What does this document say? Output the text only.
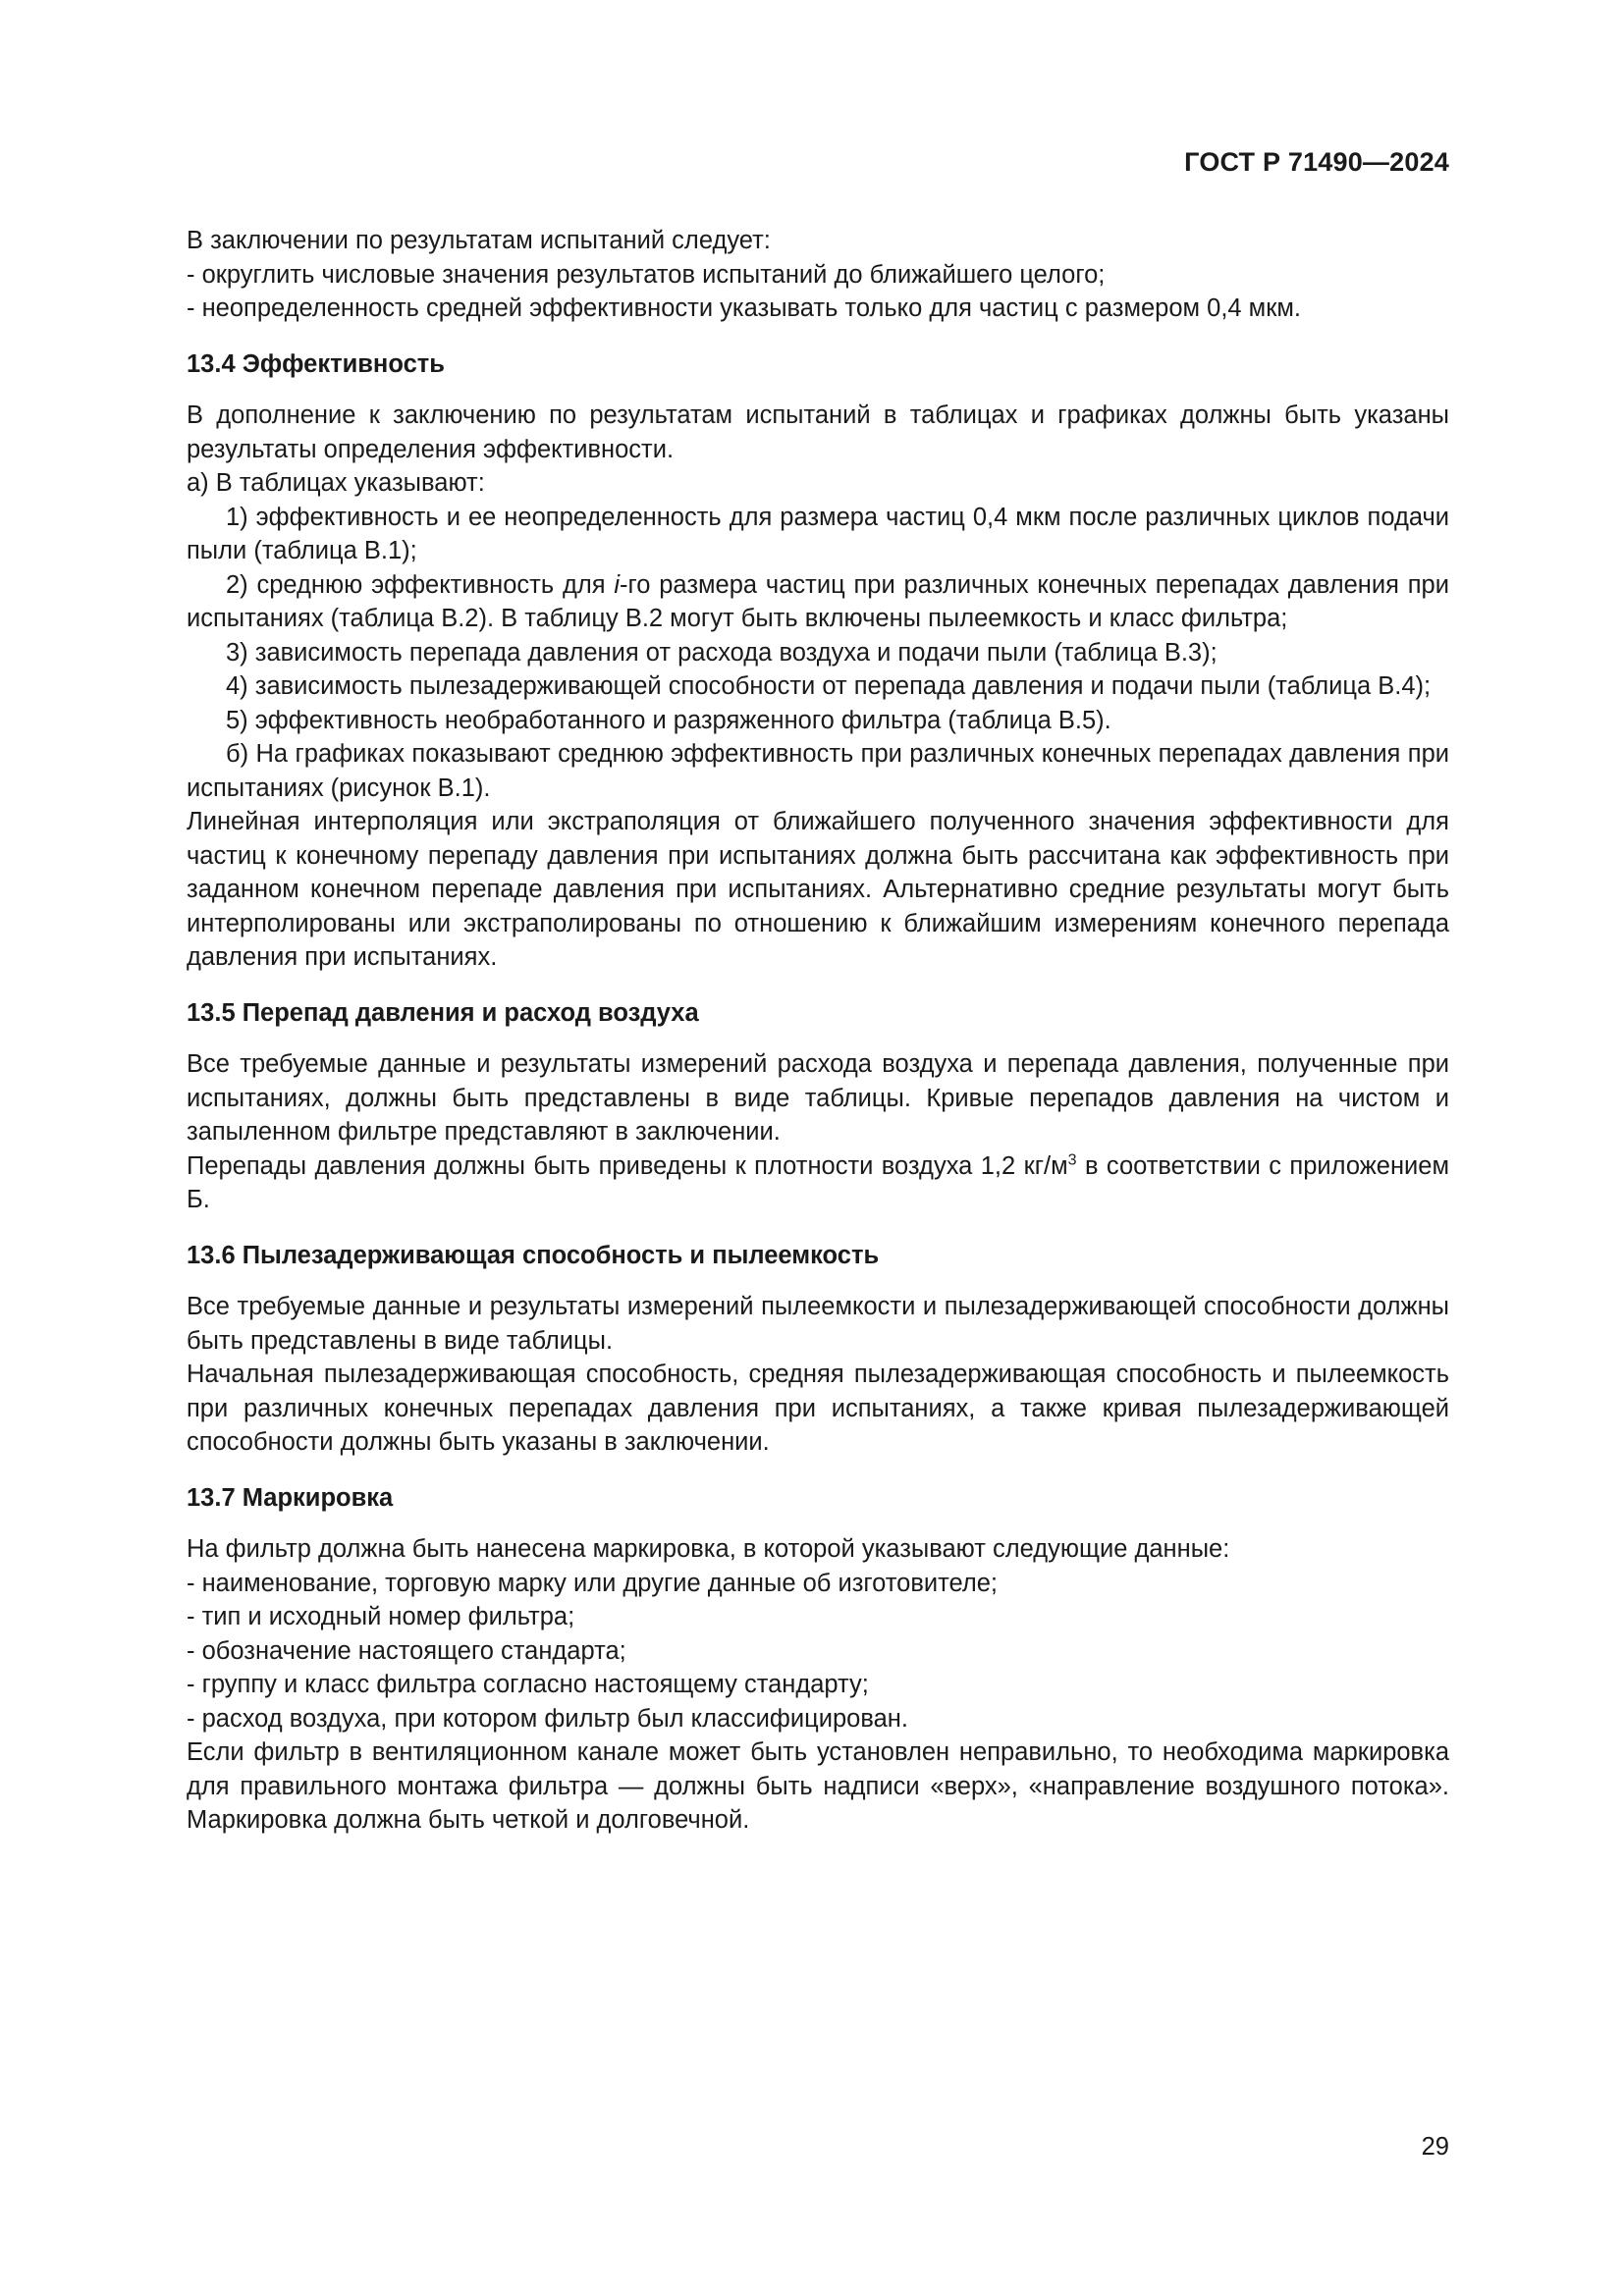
ГОСТ Р 71490—2024

В заключении по результатам испытаний следует:

- округлить числовые значения результатов испытаний до ближайшего целого;

- неопределенность средней эффективности указывать только для частиц с размером 0,4 мкм.

13.4 Эффективность

В дополнение к заключению по результатам испытаний в таблицах и графиках должны быть указаны результаты определения эффективности.

а) В таблицах указывают:

1) эффективность и ее неопределенность для размера частиц 0,4 мкм после различных циклов подачи пыли (таблица В.1);

2) среднюю эффективность для i-го размера частиц при различных конечных перепадах давления при испытаниях (таблица В.2). В таблицу В.2 могут быть включены пылеемкость и класс фильтра;

3) зависимость перепада давления от расхода воздуха и подачи пыли (таблица В.3);

4) зависимость пылезадерживающей способности от перепада давления и подачи пыли (таблица В.4);

5) эффективность необработанного и разряженного фильтра (таблица В.5).

б) На графиках показывают среднюю эффективность при различных конечных перепадах давления при испытаниях (рисунок В.1).

Линейная интерполяция или экстраполяция от ближайшего полученного значения эффективности для частиц к конечному перепаду давления при испытаниях должна быть рассчитана как эффективность при заданном конечном перепаде давления при испытаниях. Альтернативно средние результаты могут быть интерполированы или экстраполированы по отношению к ближайшим измерениям конечного перепада давления при испытаниях.

13.5 Перепад давления и расход воздуха

Все требуемые данные и результаты измерений расхода воздуха и перепада давления, полученные при испытаниях, должны быть представлены в виде таблицы. Кривые перепадов давления на чистом и запыленном фильтре представляют в заключении.

Перепады давления должны быть приведены к плотности воздуха 1,2 $кг/м^3$ в соответствии с приложением Б.

13.6 Пылезадерживающая способность и пылеемкость

Все требуемые данные и результаты измерений пылеемкости и пылезадерживающей способности должны быть представлены в виде таблицы.

Начальная пылезадерживающая способность, средняя пылезадерживающая способность и пылеемкость при различных конечных перепадах давления при испытаниях, а также кривая пылезадерживающей способности должны быть указаны в заключении.

13.7 Маркировка

На фильтр должна быть нанесена маркировка, в которой указывают следующие данные:

- наименование, торговую марку или другие данные об изготовителе;

- тип и исходный номер фильтра;

- обозначение настоящего стандарта;

- группу и класс фильтра согласно настоящему стандарту;

- расход воздуха, при котором фильтр был классифицирован.

Если фильтр в вентиляционном канале может быть установлен неправильно, то необходима маркировка для правильного монтажа фильтра — должны быть надписи «верх», «направление воздушного потока». Маркировка должна быть четкой и долговечной.

29
